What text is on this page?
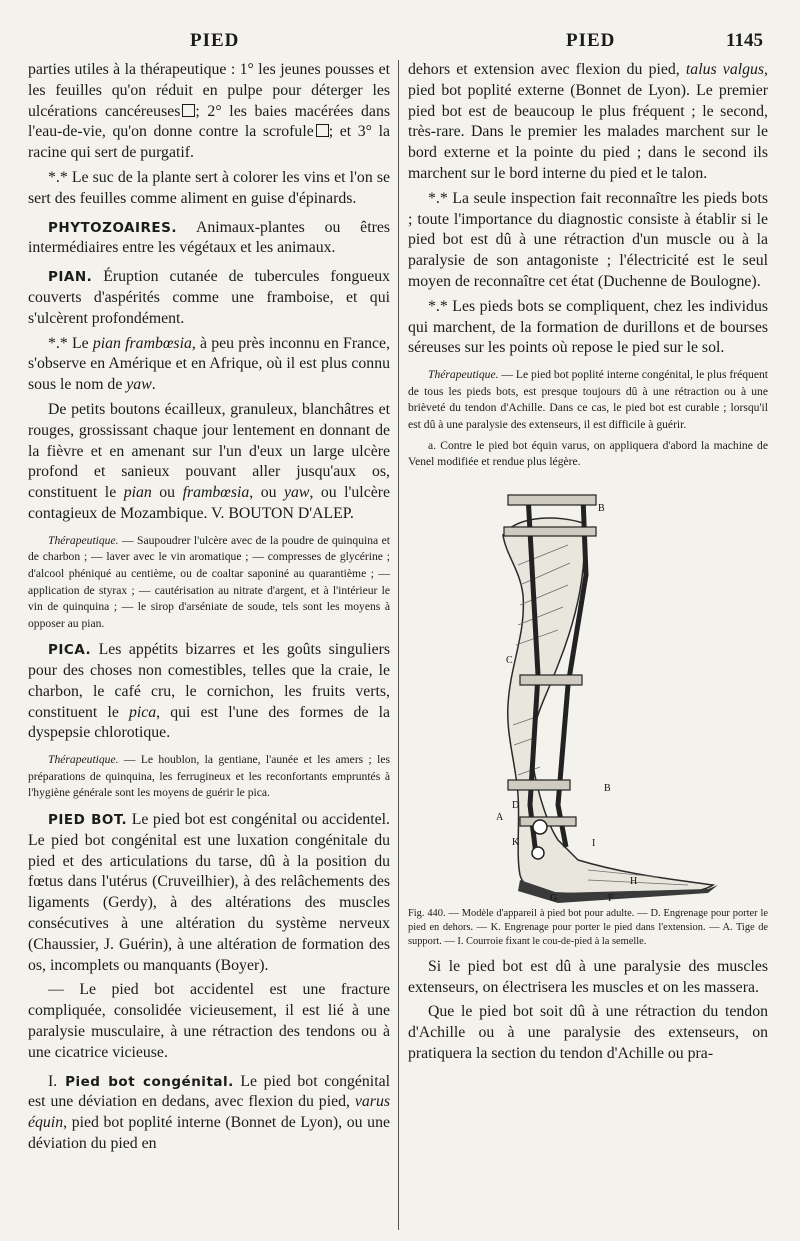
PIED	PIED	1145

parties utiles à la thérapeutique : 1° les jeunes pousses et les feuilles qu'on réduit en pulpe pour déterger les ulcérations cancéreuses ; 2° les baies macérées dans l'eau-de-vie, qu'on donne contre la scrofule ; et 3° la racine qui sert de purgatif.

*.* Le suc de la plante sert à colorer les vins et l'on se sert des feuilles comme aliment en guise d'épinards.

PHYTOZOAIRES. Animaux-plantes ou êtres intermédiaires entre les végétaux et les animaux.

PIAN. Éruption cutanée de tubercules fongueux couverts d'aspérités comme une framboise, et qui s'ulcèrent profondément.

*.* Le pian frambœsia, à peu près inconnu en France, s'observe en Amérique et en Afrique, où il est plus connu sous le nom de yaw.

De petits boutons écailleux, granuleux, blanchâtres et rouges, grossissant chaque jour lentement en donnant de la fièvre et en amenant sur l'un d'eux un large ulcère profond et sanieux pouvant aller jusqu'aux os, constituent le pian ou frambœsia, ou yaw, ou l'ulcère contagieux de Mozambique. V. BOUTON D'ALEP.

Thérapeutique. — Saupoudrer l'ulcère avec de la poudre de quinquina et de charbon ; — laver avec le vin aromatique ; — compresses de glycérine ; d'alcool phéniqué au centième, ou de coaltar saponiné au quarantième ; — application de styrax ; — cautérisation au nitrate d'argent, et à l'intérieur le vin de quinquina ; — le sirop d'arséniate de soude, tels sont les moyens à opposer au pian.

PICA. Les appétits bizarres et les goûts singuliers pour des choses non comestibles, telles que la craie, le charbon, le café cru, le cornichon, les fruits verts, constituent le pica, qui est l'une des formes de la dyspepsie chlorotique.

Thérapeutique. — Le houblon, la gentiane, l'aunée et les amers ; les préparations de quinquina, les ferrugineux et les reconfortants empruntés à l'hygiène générale sont les moyens de guérir le pica.

PIED BOT. Le pied bot est congénital ou accidentel. Le pied bot congénital est une luxation congénitale du pied et des articulations du tarse, dû à la position du fœtus dans l'utérus (Cruveilhier), à des relâchements des ligaments (Gerdy), à des altérations des muscles consécutives à une altération du système nerveux (Chaussier, J. Guérin), à une altération de formation des os, incomplets ou manquants (Boyer).

— Le pied bot accidentel est une fracture compliquée, consolidée vicieusement, il est lié à une paralysie musculaire, à une rétraction des tendons ou à une cicatrice vicieuse.

I. Pied bot congénital. Le pied bot congénital est une déviation en dedans, avec flexion du pied, varus équin, pied bot poplité interne (Bonnet de Lyon), ou une déviation du pied en

dehors et extension avec flexion du pied, talus valgus, pied bot poplité externe (Bonnet de Lyon). Le premier pied bot est de beaucoup le plus fréquent ; le second, très-rare. Dans le premier les malades marchent sur le bord externe et la pointe du pied ; dans le second ils marchent sur le bord interne du pied et le talon.

*.* La seule inspection fait reconnaître les pieds bots ; toute l'importance du diagnostic consiste à établir si le pied bot est dû à une rétraction d'un muscle ou à la paralysie de son antagoniste ; l'électricité est le seul moyen de reconnaître cet état (Duchenne de Boulogne).

*.* Les pieds bots se compliquent, chez les individus qui marchent, de la formation de durillons et de bourses séreuses sur les points où repose le pied sur le sol.

Thérapeutique. — Le pied bot poplité interne congénital, le plus fréquent de tous les pieds bots, est presque toujours dû à une rétraction ou à une brièveté du tendon d'Achille. Dans ce cas, le pied bot est curable ; lorsqu'il est dû à une paralysie des extenseurs, il est difficile à guérir.

a. Contre le pied bot équin varus, on appliquera d'abord la machine de Venel modifiée et rendue plus légère.

B
B
C
D
K
A
I
H
G	F

Fig. 440. — Modèle d'appareil à pied bot pour adulte. — D. Engrenage pour porter le pied en dehors. — K. Engrenage pour porter le pied dans l'extension. — A. Tige de support. — I. Courroie fixant le cou-de-pied à la semelle.

Si le pied bot est dû à une paralysie des muscles extenseurs, on électrisera les muscles et on les massera.

Que le pied bot soit dû à une rétraction du tendon d'Achille ou à une paralysie des extenseurs, on pratiquera la section du tendon d'Achille ou pra-
